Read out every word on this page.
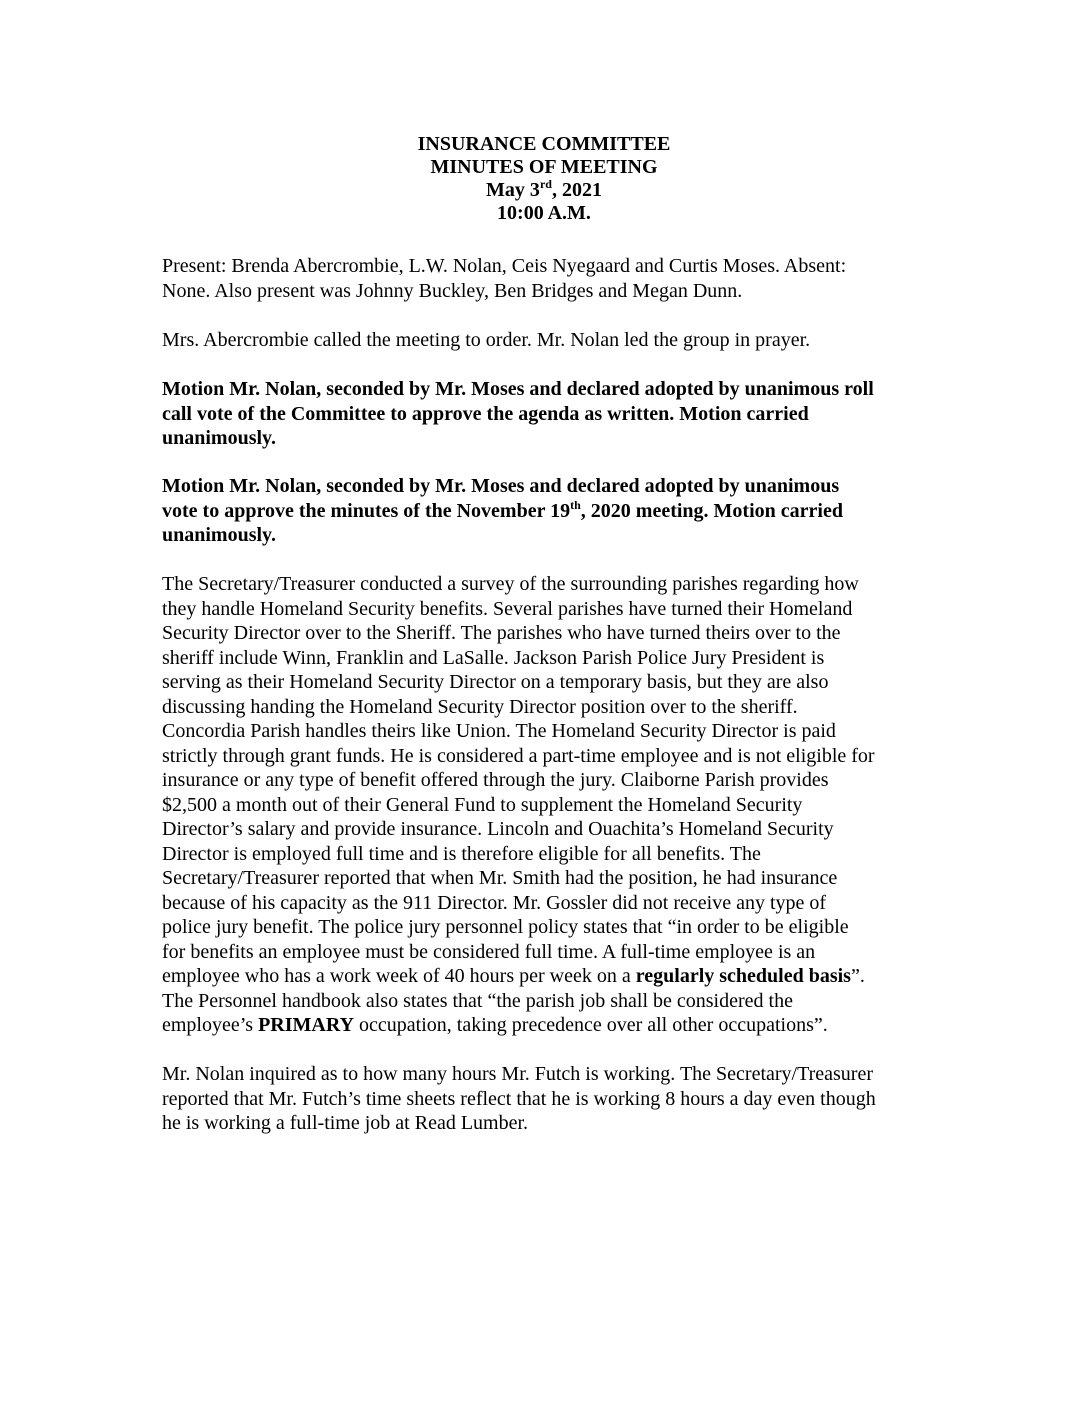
INSURANCE COMMITTEE
MINUTES OF MEETING
May 3rd, 2021
10:00 A.M.

Present: Brenda Abercrombie, L.W. Nolan, Ceis Nyegaard and Curtis Moses. Absent:
None. Also present was Johnny Buckley, Ben Bridges and Megan Dunn.

Mrs. Abercrombie called the meeting to order. Mr. Nolan led the group in prayer.

Motion Mr. Nolan, seconded by Mr. Moses and declared adopted by unanimous roll
call vote of the Committee to approve the agenda as written. Motion carried
unanimously.

Motion Mr. Nolan, seconded by Mr. Moses and declared adopted by unanimous
vote to approve the minutes of the November 19th, 2020 meeting. Motion carried
unanimously.

The Secretary/Treasurer conducted a survey of the surrounding parishes regarding how
they handle Homeland Security benefits. Several parishes have turned their Homeland
Security Director over to the Sheriff. The parishes who have turned theirs over to the
sheriff include Winn, Franklin and LaSalle. Jackson Parish Police Jury President is
serving as their Homeland Security Director on a temporary basis, but they are also
discussing handing the Homeland Security Director position over to the sheriff.
Concordia Parish handles theirs like Union. The Homeland Security Director is paid
strictly through grant funds. He is considered a part-time employee and is not eligible for
insurance or any type of benefit offered through the jury. Claiborne Parish provides
$2,500 a month out of their General Fund to supplement the Homeland Security
Director’s salary and provide insurance. Lincoln and Ouachita’s Homeland Security
Director is employed full time and is therefore eligible for all benefits. The
Secretary/Treasurer reported that when Mr. Smith had the position, he had insurance
because of his capacity as the 911 Director. Mr. Gossler did not receive any type of
police jury benefit. The police jury personnel policy states that “in order to be eligible
for benefits an employee must be considered full time. A full-time employee is an
employee who has a work week of 40 hours per week on a regularly scheduled basis”.
The Personnel handbook also states that “the parish job shall be considered the
employee’s PRIMARY occupation, taking precedence over all other occupations”.

Mr. Nolan inquired as to how many hours Mr. Futch is working. The Secretary/Treasurer
reported that Mr. Futch’s time sheets reflect that he is working 8 hours a day even though
he is working a full-time job at Read Lumber.
